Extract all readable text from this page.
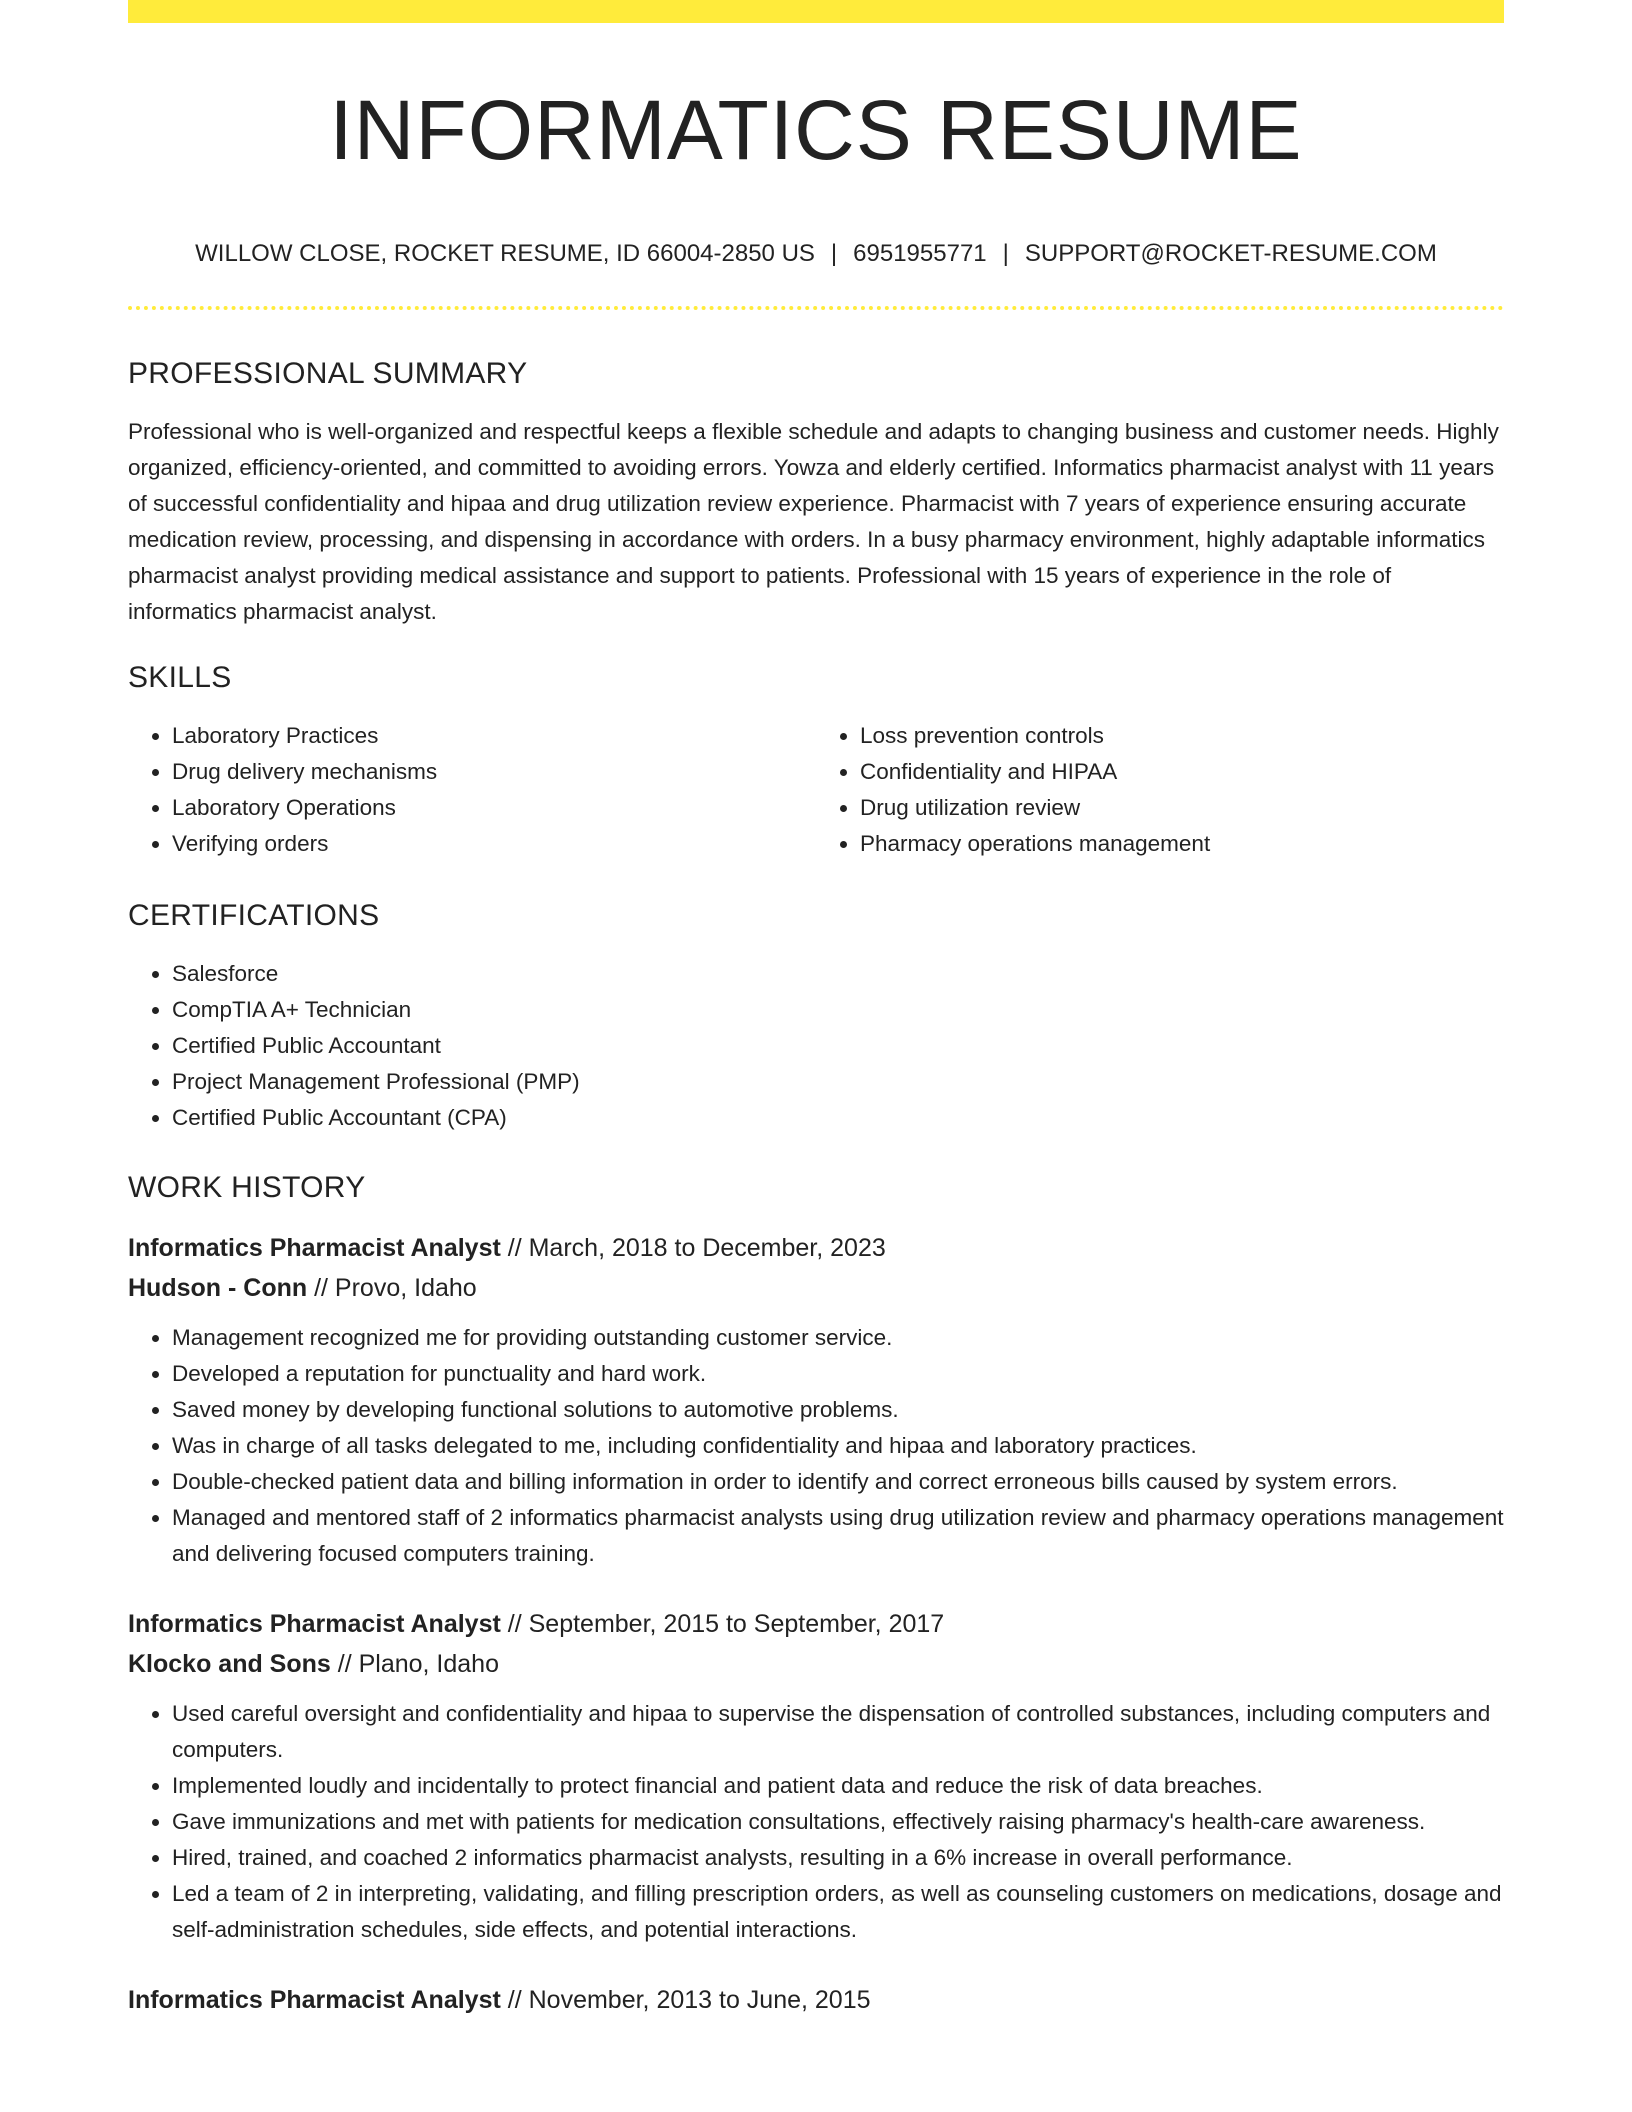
INFORMATICS RESUME
WILLOW CLOSE, ROCKET RESUME, ID 66004-2850 US | 6951955771 | SUPPORT@ROCKET-RESUME.COM
PROFESSIONAL SUMMARY

Professional who is well-organized and respectful keeps a flexible schedule and adapts to changing business and customer needs. Highly organized, efficiency-oriented, and committed to avoiding errors. Yowza and elderly certified. Informatics pharmacist analyst with 11 years of successful confidentiality and hipaa and drug utilization review experience. Pharmacist with 7 years of experience ensuring accurate medication review, processing, and dispensing in accordance with orders. In a busy pharmacy environment, highly adaptable informatics pharmacist analyst providing medical assistance and support to patients. Professional with 15 years of experience in the role of informatics pharmacist analyst.

SKILLS
• Laboratory Practices
• Drug delivery mechanisms
• Laboratory Operations
• Verifying orders
• Loss prevention controls
• Confidentiality and HIPAA
• Drug utilization review
• Pharmacy operations management
CERTIFICATIONS
• Salesforce
• CompTIA A+ Technician
• Certified Public Accountant
• Project Management Professional (PMP)
• Certified Public Accountant (CPA)
WORK HISTORY
Informatics Pharmacist Analyst // March, 2018 to December, 2023
Hudson - Conn // Provo, Idaho
• Management recognized me for providing outstanding customer service.
• Developed a reputation for punctuality and hard work.
• Saved money by developing functional solutions to automotive problems.
• Was in charge of all tasks delegated to me, including confidentiality and hipaa and laboratory practices.
• Double-checked patient data and billing information in order to identify and correct erroneous bills caused by system errors.
• Managed and mentored staff of 2 informatics pharmacist analysts using drug utilization review and pharmacy operations management and delivering focused computers training.
Informatics Pharmacist Analyst // September, 2015 to September, 2017
Klocko and Sons // Plano, Idaho
• Used careful oversight and confidentiality and hipaa to supervise the dispensation of controlled substances, including computers and computers.
• Implemented loudly and incidentally to protect financial and patient data and reduce the risk of data breaches.
• Gave immunizations and met with patients for medication consultations, effectively raising pharmacy's health-care awareness.
• Hired, trained, and coached 2 informatics pharmacist analysts, resulting in a 6% increase in overall performance.
• Led a team of 2 in interpreting, validating, and filling prescription orders, as well as counseling customers on medications, dosage and self-administration schedules, side effects, and potential interactions.
Informatics Pharmacist Analyst // November, 2013 to June, 2015
